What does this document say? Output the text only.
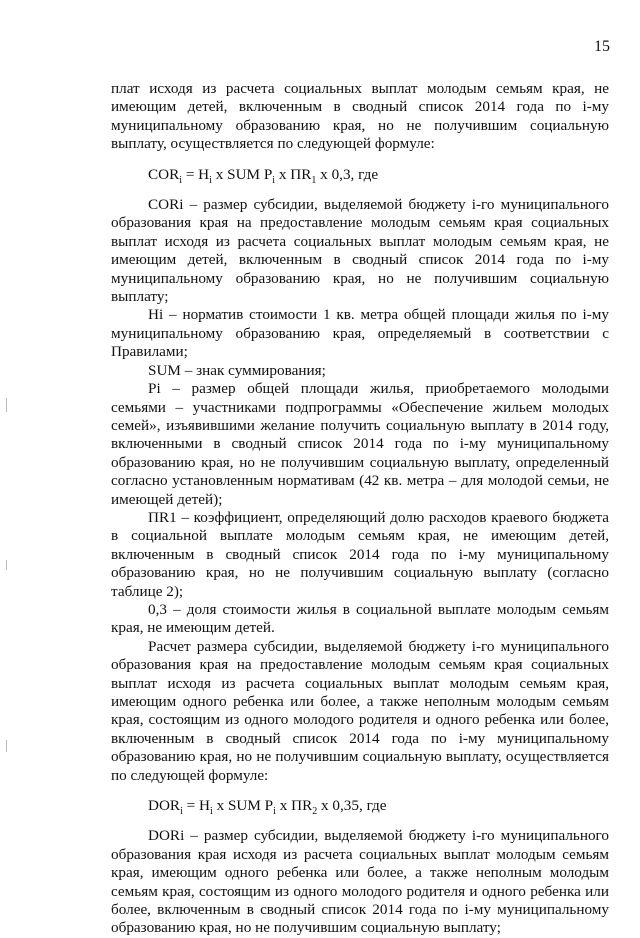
15

плат исходя из расчета социальных выплат молодым семьям края, не имеющим детей, включенным в сводный список 2014 года по i-му муниципальному образованию края, но не получившим социальную выплату, осуществляется по следующей формуле:

$COR_i = H_i$ x SUM $P_i$ x $ПR_1$ x 0,3, где

CORi – размер субсидии, выделяемой бюджету i-го муниципального образования края на предоставление молодым семьям края социальных выплат исходя из расчета социальных выплат молодым семьям края, не имеющим детей, включенным в сводный список 2014 года по i-му муниципальному образованию края, но не получившим социальную выплату;

Hi – норматив стоимости 1 кв. метра общей площади жилья по i-му муниципальному образованию края, определяемый в соответствии с Правилами;

SUM – знак суммирования;

Pi – размер общей площади жилья, приобретаемого молодыми семьями – участниками подпрограммы «Обеспечение жильем молодых семей», изъявившими желание получить социальную выплату в 2014 году, включенными в сводный список 2014 года по i-му муниципальному образованию края, но не получившим социальную выплату, определенный согласно установленным нормативам (42 кв. метра – для молодой семьи, не имеющей детей);

ПR1 – коэффициент, определяющий долю расходов краевого бюджета в социальной выплате молодым семьям края, не имеющим детей, включенным в сводный список 2014 года по i-му муниципальному образованию края, но не получившим социальную выплату (согласно таблице 2);

0,3 – доля стоимости жилья в социальной выплате молодым семьям края, не имеющим детей.

Расчет размера субсидии, выделяемой бюджету i-го муниципального образования края на предоставление молодым семьям края социальных выплат исходя из расчета социальных выплат молодым семьям края, имеющим одного ребенка или более, а также неполным молодым семьям края, состоящим из одного молодого родителя и одного ребенка или более, включенным в сводный список 2014 года по i-му муниципальному образованию края, но не получившим социальную выплату, осуществляется по следующей формуле:

$DOR_i = H_i$ x SUM $P_i$ x $ПR_2$ x 0,35, где

DORi – размер субсидии, выделяемой бюджету i-го муниципального образования края исходя из расчета социальных выплат молодым семьям края, имеющим одного ребенка или более, а также неполным молодым семьям края, состоящим из одного молодого родителя и одного ребенка или более, включенным в сводный список 2014 года по i-му муниципальному образованию края, но не получившим социальную выплату;
